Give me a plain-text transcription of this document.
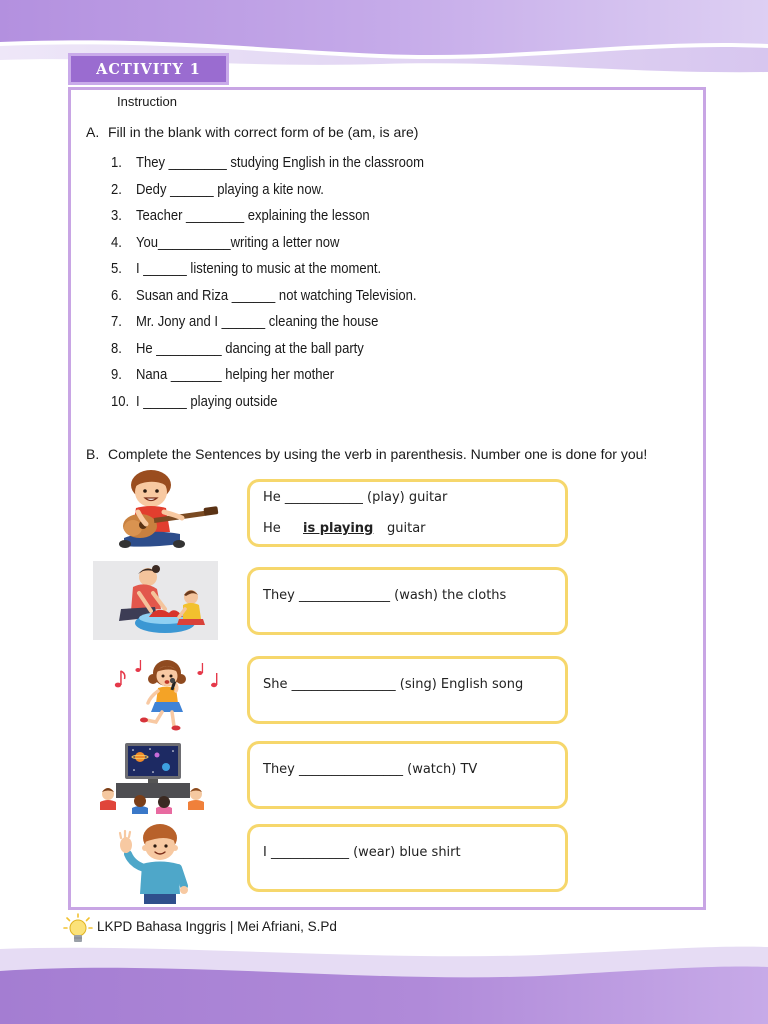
ACTIVITY 1
Instruction
A. Fill in the blank with correct form of be (am, is are)
1. They ________ studying English in the classroom
2. Dedy ______ playing a kite now.
3. Teacher ________ explaining the lesson
4. You__________writing a letter now
5. I ______ listening to music at the moment.
6. Susan and Riza ______ not watching Television.
7. Mr. Jony and I ______ cleaning the house
8. He _________ dancing at the ball party
9. Nana _______ helping her mother
10. I ______ playing outside
B. Complete the Sentences by using the verb in parenthesis. Number one is done for you!
He ____________ (play) guitar
He is playing guitar
They ______________ (wash) the cloths
She ________________ (sing) English song
They ________________ (watch) TV
I ____________ (wear) blue shirt
LKPD Bahasa Inggris | Mei Afriani, S.Pd
